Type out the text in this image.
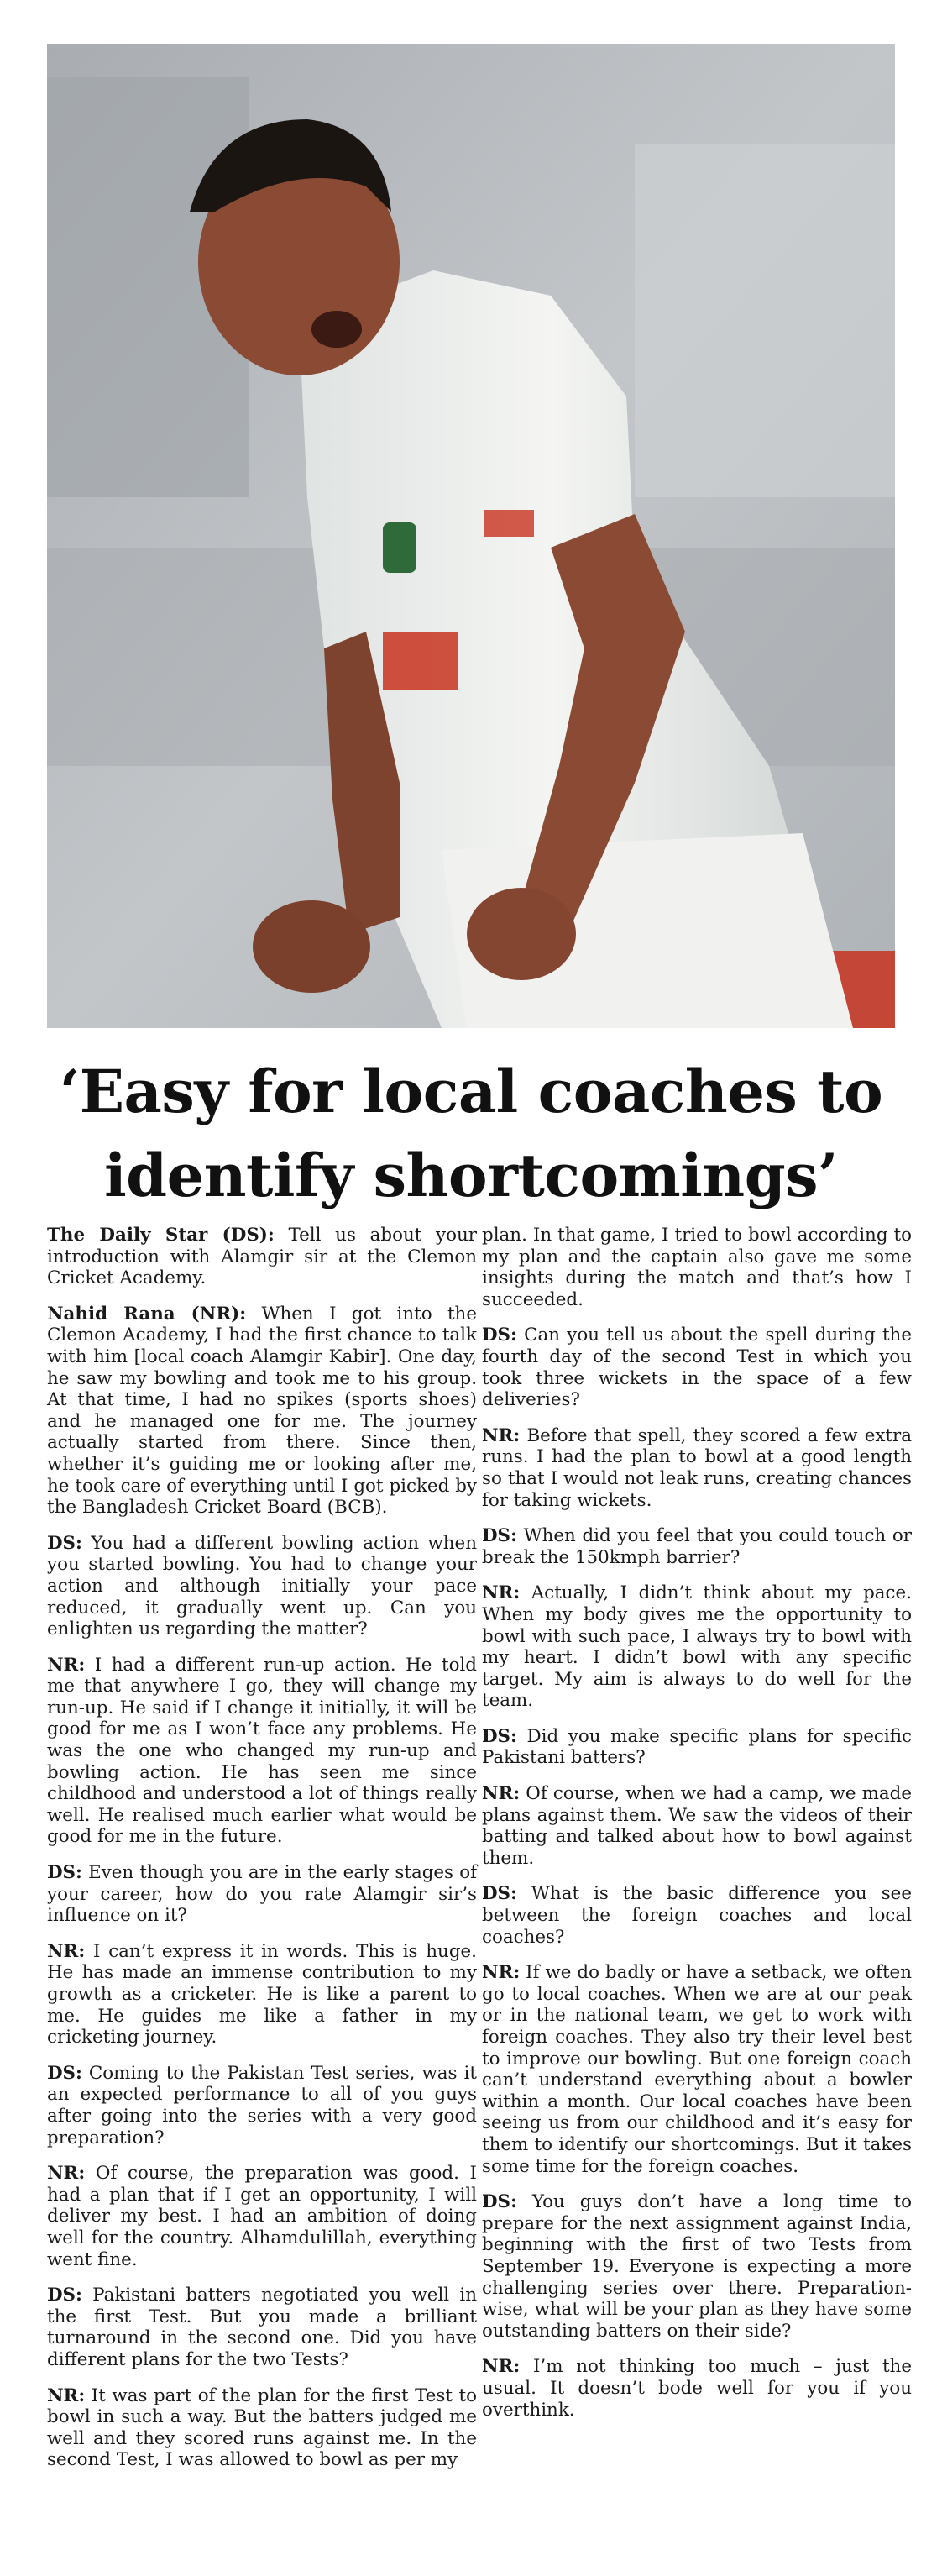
‘Easy for local coaches to identify shortcomings’

The Daily Star (DS): Tell us about your introduction with Alamgir sir at the Clemon Cricket Academy.

Nahid Rana (NR): When I got into the Clemon Academy, I had the first chance to talk with him [local coach Alamgir Kabir]. One day, he saw my bowling and took me to his group. At that time, I had no spikes (sports shoes) and he managed one for me. The journey actually started from there. Since then, whether it’s guiding me or looking after me, he took care of everything until I got picked by the Bangladesh Cricket Board (BCB).

DS: You had a different bowling action when you started bowling. You had to change your action and although initially your pace reduced, it gradually went up. Can you enlighten us regarding the matter?

NR: I had a different run-up action. He told me that anywhere I go, they will change my run-up. He said if I change it initially, it will be good for me as I won’t face any problems. He was the one who changed my run-up and bowling action. He has seen me since childhood and understood a lot of things really well. He realised much earlier what would be good for me in the future.

DS: Even though you are in the early stages of your career, how do you rate Alamgir sir’s influence on it?

NR: I can’t express it in words. This is huge. He has made an immense contribution to my growth as a cricketer. He is like a parent to me. He guides me like a father in my cricketing journey.

DS: Coming to the Pakistan Test series, was it an expected performance to all of you guys after going into the series with a very good preparation?

NR: Of course, the preparation was good. I had a plan that if I get an opportunity, I will deliver my best. I had an ambition of doing well for the country. Alhamdulillah, everything went fine.

DS: Pakistani batters negotiated you well in the first Test. But you made a brilliant turnaround in the second one. Did you have different plans for the two Tests?

NR: It was part of the plan for the first Test to bowl in such a way. But the batters judged me well and they scored runs against me. In the second Test, I was allowed to bowl as per my

plan. In that game, I tried to bowl according to my plan and the captain also gave me some insights during the match and that’s how I succeeded.

DS: Can you tell us about the spell during the fourth day of the second Test in which you took three wickets in the space of a few deliveries?

NR: Before that spell, they scored a few extra runs. I had the plan to bowl at a good length so that I would not leak runs, creating chances for taking wickets.

DS: When did you feel that you could touch or break the 150kmph barrier?

NR: Actually, I didn’t think about my pace. When my body gives me the opportunity to bowl with such pace, I always try to bowl with my heart. I didn’t bowl with any specific target. My aim is always to do well for the team.

DS: Did you make specific plans for specific Pakistani batters?

NR: Of course, when we had a camp, we made plans against them. We saw the videos of their batting and talked about how to bowl against them.

DS: What is the basic difference you see between the foreign coaches and local coaches?

NR: If we do badly or have a setback, we often go to local coaches. When we are at our peak or in the national team, we get to work with foreign coaches. They also try their level best to improve our bowling. But one foreign coach can’t understand everything about a bowler within a month. Our local coaches have been seeing us from our childhood and it’s easy for them to identify our shortcomings. But it takes some time for the foreign coaches.

DS: You guys don’t have a long time to prepare for the next assignment against India, beginning with the first of two Tests from September 19. Everyone is expecting a more challenging series over there. Preparation-wise, what will be your plan as they have some outstanding batters on their side?

NR: I’m not thinking too much – just the usual. It doesn’t bode well for you if you overthink.
